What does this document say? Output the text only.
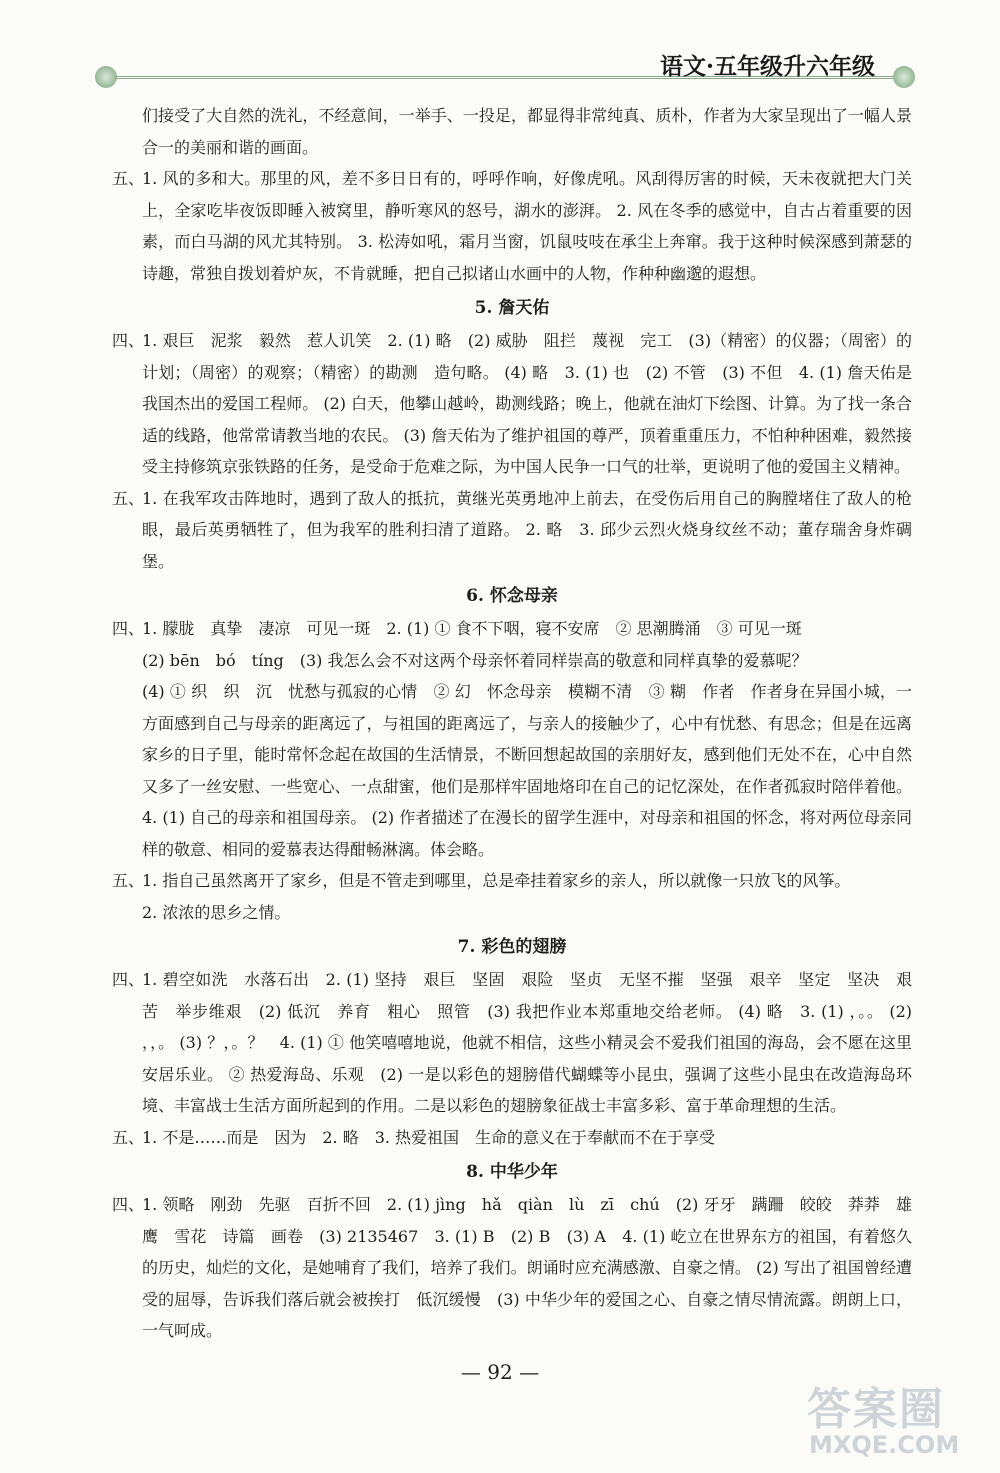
语文·五年级升六年级

们接受了大自然的洗礼，不经意间，一举手、一投足，都显得非常纯真、质朴，作者为大家呈现出了一幅人景合一的美丽和谐的画面。

五、
1. 风的多和大。那里的风，差不多日日有的，呼呼作响，好像虎吼。风刮得厉害的时候，天未夜就把大门关上，全家吃毕夜饭即睡入被窝里，静听寒风的怒号，湖水的澎湃。 2. 风在冬季的感觉中，自古占着重要的因素，而白马湖的风尤其特别。 3. 松涛如吼，霜月当窗，饥鼠吱吱在承尘上奔窜。我于这种时候深感到萧瑟的诗趣，常独自拨划着炉灰，不肯就睡，把自己拟诸山水画中的人物，作种种幽邈的遐想。
5. 詹天佑
四、
1. 艰巨　泥浆　毅然　惹人讥笑　2. (1) 略　(2) 威胁　阻拦　蔑视　完工　(3)（精密）的仪器；（周密）的计划；（周密）的观察；（精密）的勘测　造句略。 (4) 略　3. (1) 也　(2) 不管　(3) 不但　4. (1) 詹天佑是我国杰出的爱国工程师。 (2) 白天，他攀山越岭，勘测线路；晚上，他就在油灯下绘图、计算。为了找一条合适的线路，他常常请教当地的农民。 (3) 詹天佑为了维护祖国的尊严，顶着重重压力，不怕种种困难，毅然接受主持修筑京张铁路的任务，是受命于危难之际，为中国人民争一口气的壮举，更说明了他的爱国主义精神。
五、
1. 在我军攻击阵地时，遇到了敌人的抵抗，黄继光英勇地冲上前去，在受伤后用自己的胸膛堵住了敌人的枪眼，最后英勇牺牲了，但为我军的胜利扫清了道路。 2. 略　3. 邱少云烈火烧身纹丝不动；董存瑞舍身炸碉堡。
6. 怀念母亲
四、
1. 朦胧　真挚　凄凉　可见一斑　2. (1) ① 食不下咽，寝不安席　② 思潮腾涌　③ 可见一斑

(2) bēn　bó　tíng　(3) 我怎么会不对这两个母亲怀着同样崇高的敬意和同样真挚的爱慕呢？

(4) ① 织　织　沉　忧愁与孤寂的心情　② 幻　怀念母亲　模糊不清　③ 糊　作者　作者身在异国小城，一方面感到自己与母亲的距离远了，与祖国的距离远了，与亲人的接触少了，心中有忧愁、有思念；但是在远离家乡的日子里，能时常怀念起在故国的生活情景，不断回想起故国的亲朋好友，感到他们无处不在，心中自然又多了一丝安慰、一些宽心、一点甜蜜，他们是那样牢固地烙印在自己的记忆深处，在作者孤寂时陪伴着他。 4. (1) 自己的母亲和祖国母亲。 (2) 作者描述了在漫长的留学生涯中，对母亲和祖国的怀念，将对两位母亲同样的敬意、相同的爱慕表达得酣畅淋漓。体会略。

五、
1. 指自己虽然离开了家乡，但是不管走到哪里，总是牵挂着家乡的亲人，所以就像一只放飞的风筝。

2. 浓浓的思乡之情。

7. 彩色的翅膀
四、
1. 碧空如洗　水落石出　2. (1) 坚持　艰巨　坚固　艰险　坚贞　无坚不摧　坚强　艰辛　坚定　坚决　艰苦　举步维艰　(2) 低沉　养育　粗心　照管　(3) 我把作业本郑重地交给老师。 (4) 略　3. (1) ，。。 (2) ，，。 (3) ？，。？　4. (1) ① 他笑嘻嘻地说，他就不相信，这些小精灵会不爱我们祖国的海岛，会不愿在这里安居乐业。 ② 热爱海岛、乐观　(2) 一是以彩色的翅膀借代蝴蝶等小昆虫，强调了这些小昆虫在改造海岛环境、丰富战士生活方面所起到的作用。二是以彩色的翅膀象征战士丰富多彩、富于革命理想的生活。
五、
1. 不是……而是　因为　2. 略　3. 热爱祖国　生命的意义在于奉献而不在于享受
8. 中华少年
四、
1. 领略　刚劲　先驱　百折不回　2. (1) jìng　hǎ　qiàn　lù　zī　chú　(2) 牙牙　蹒跚　皎皎　莽莽　雄鹰　雪花　诗篇　画卷　(3) 2135467　3. (1) B　(2) B　(3) A　4. (1) 屹立在世界东方的祖国，有着悠久的历史，灿烂的文化，是她哺育了我们，培养了我们。朗诵时应充满感激、自豪之情。 (2) 写出了祖国曾经遭受的屈辱，告诉我们落后就会被挨打　低沉缓慢　(3) 中华少年的爱国之心、自豪之情尽情流露。朗朗上口，一气呵成。
— 92 —
答案圈
MXQE.COM
